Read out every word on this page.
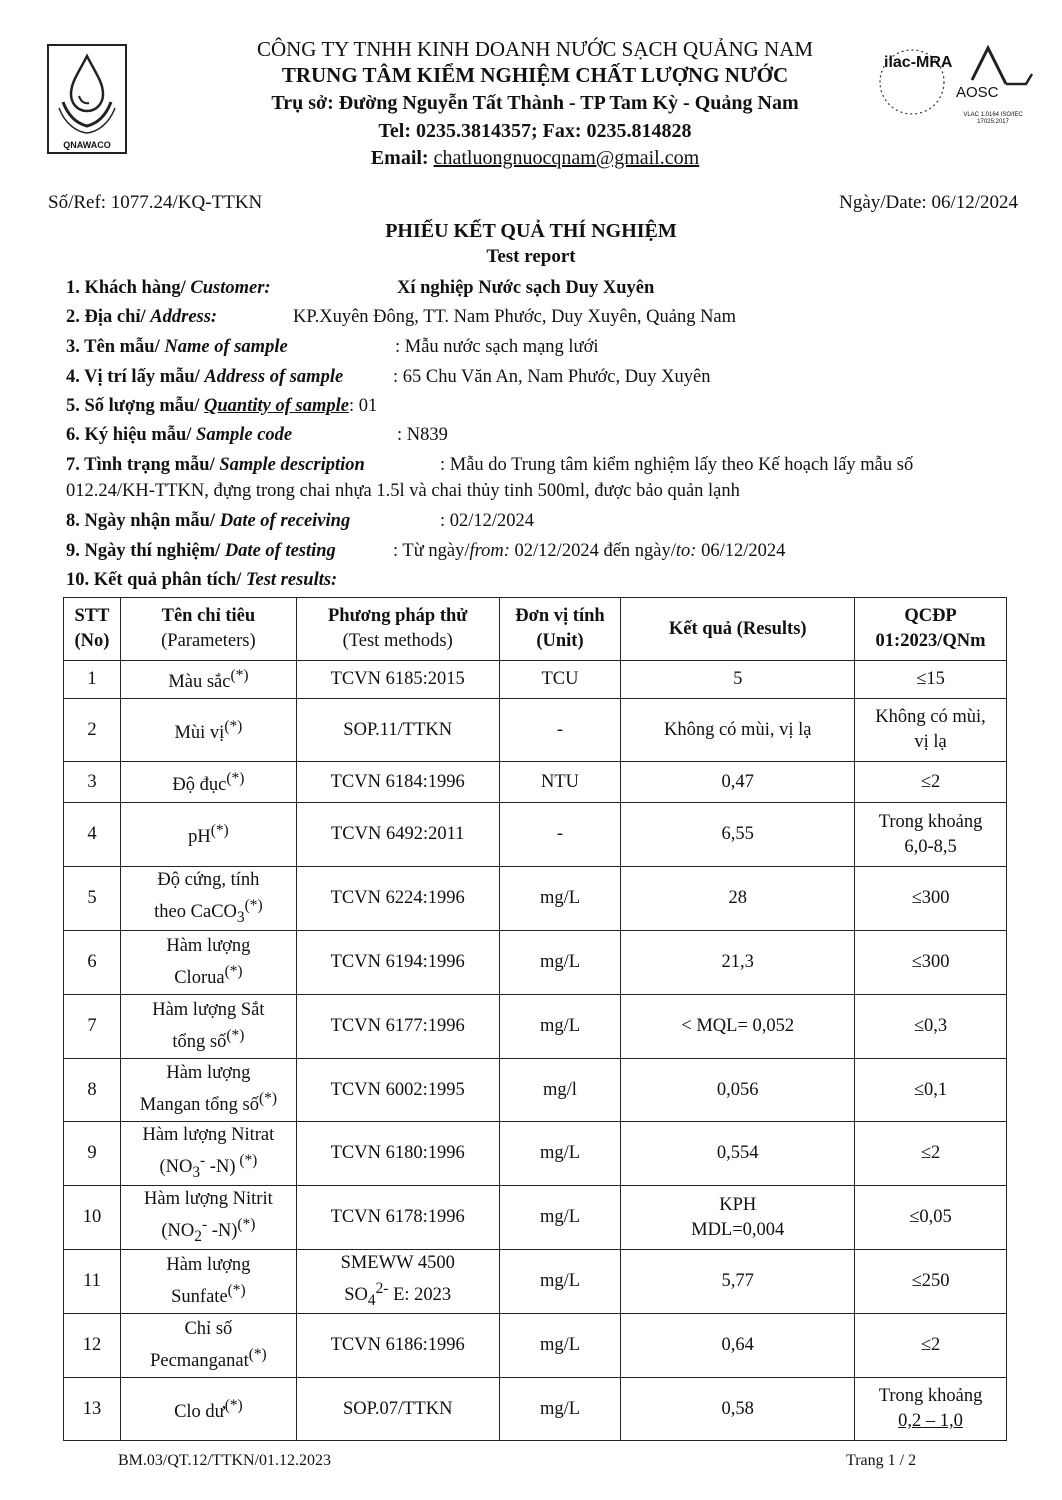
QNAWACO
CÔNG TY TNHH KINH DOANH NƯỚC SẠCH QUẢNG NAM
TRUNG TÂM KIỂM NGHIỆM CHẤT LƯỢNG NƯỚC
Trụ sở: Đường Nguyễn Tất Thành - TP Tam Kỳ - Quảng Nam
Tel: 0235.3814357; Fax: 0235.814828
Email: chatluongnuocqnam@gmail.com
ilac-MRA
AOSC
VLAC 1.0164 ISO/IEC 17025:2017
Số/Ref: 1077.24/KQ-TTKN	Ngày/Date: 06/12/2024
PHIẾU KẾT QUẢ THÍ NGHIỆM
Test report
1. Khách hàng/ Customer:	Xí nghiệp Nước sạch Duy Xuyên
2. Địa chỉ/ Address:	KP.Xuyên Đông, TT. Nam Phước, Duy Xuyên, Quảng Nam
3. Tên mẫu/ Name of sample	: Mẫu nước sạch mạng lưới
4. Vị trí lấy mẫu/ Address of sample	: 65 Chu Văn An, Nam Phước, Duy Xuyên
5. Số lượng mẫu/ Quantity of sample: 01
6. Ký hiệu mẫu/ Sample code	: N839
7. Tình trạng mẫu/ Sample description	: Mẫu do Trung tâm kiểm nghiệm lấy theo Kế hoạch lấy mẫu số
012.24/KH-TTKN, đựng trong chai nhựa 1.5l và chai thủy tinh 500ml, được bảo quản lạnh
8. Ngày nhận mẫu/ Date of receiving	: 02/12/2024
9. Ngày thí nghiệm/ Date of testing	: Từ ngày/from: 02/12/2024 đến ngày/to: 06/12/2024
10. Kết quả phân tích/ Test results:
STT
(No)	Tên chỉ tiêu
(Parameters)	Phương pháp thử
(Test methods)	Đơn vị tính
(Unit)	Kết quả (Results)	QCĐP
01:2023/QNm
1	Màu sắc(*)	TCVN 6185:2015	TCU	5	≤15
2	Mùi vị(*)	SOP.11/TTKN	-	Không có mùi, vị lạ	Không có mùi,
vị lạ
3	Độ đục(*)	TCVN 6184:1996	NTU	0,47	≤2
4	pH(*)	TCVN 6492:2011	-	6,55	Trong khoảng
6,0-8,5
5	Độ cứng, tính
theo CaCO$_3$(*)	TCVN 6224:1996	mg/L	28	≤300
6	Hàm lượng
Clorua(*)	TCVN 6194:1996	mg/L	21,3	≤300
7	Hàm lượng Sắt
tổng số(*)	TCVN 6177:1996	mg/L	< MQL= 0,052	≤0,3
8	Hàm lượng
Mangan tổng số(*)	TCVN 6002:1995	mg/l	0,056	≤0,1
9	Hàm lượng Nitrat
($NO_3^-$ -N) (*)	TCVN 6180:1996	mg/L	0,554	≤2
10	Hàm lượng Nitrit
($NO_2^-$ -N)(*)	TCVN 6178:1996	mg/L	KPH
MDL=0,004	≤0,05
11	Hàm lượng
Sunfate(*)	SMEWW 4500
$SO_4^{2-}$ E: 2023	mg/L	5,77	≤250
12	Chỉ số
Pecmanganat(*)	TCVN 6186:1996	mg/L	0,64	≤2
13	Clo dư(*)	SOP.07/TTKN	mg/L	0,58	Trong khoảng
0,2 – 1,0
BM.03/QT.12/TTKN/01.12.2023	Trang 1 / 2
